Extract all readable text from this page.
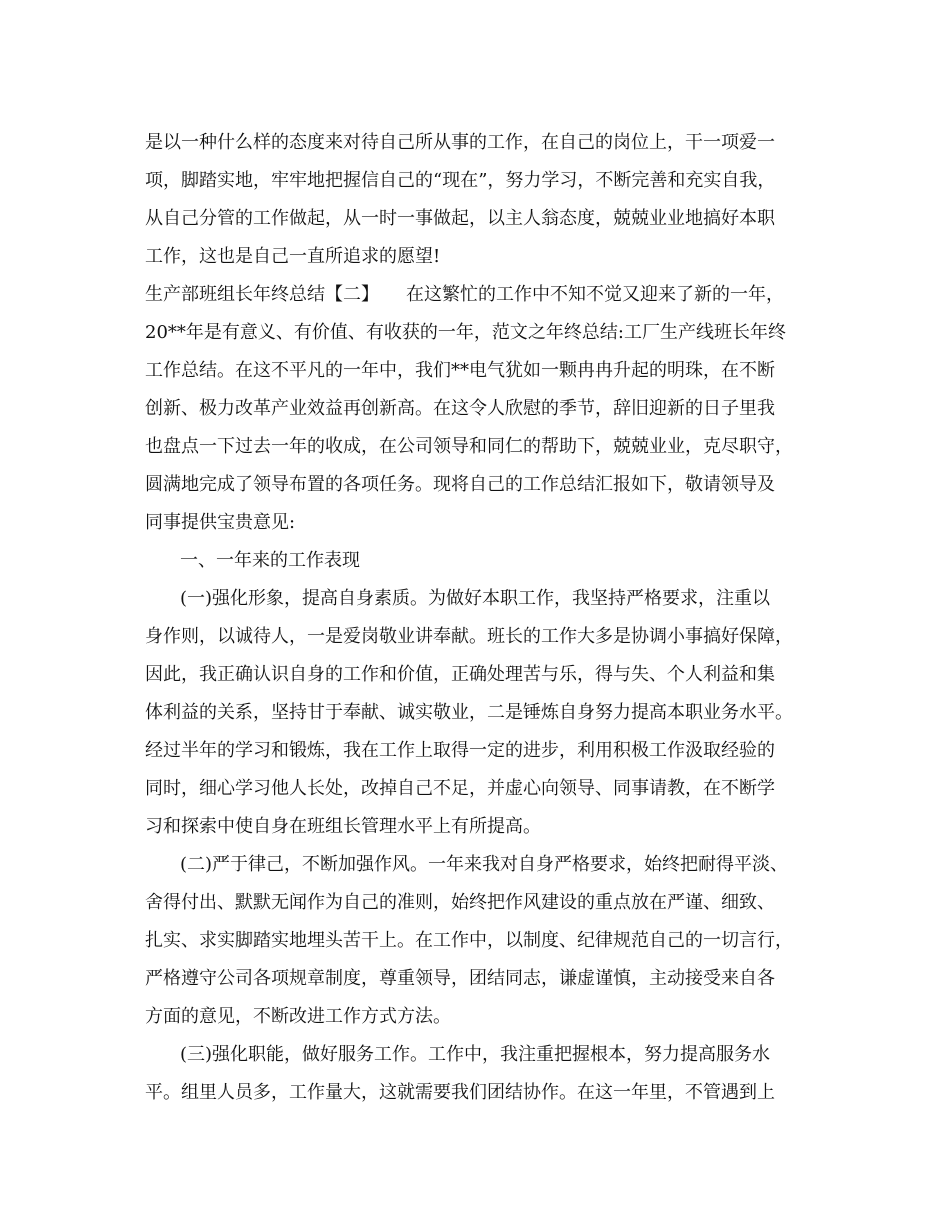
是以一种什么样的态度来对待自己所从事的工作，在自己的岗位上，干一项爱一
项，脚踏实地，牢牢地把握信自己的“现在”，努力学习，不断完善和充实自我，
从自己分管的工作做起，从一时一事做起，以主人翁态度，兢兢业业地搞好本职
工作，这也是自己一直所追求的愿望!
生产部班组长年终总结【二】　　在这繁忙的工作中不知不觉又迎来了新的一年，
20**年是有意义、有价值、有收获的一年，范文之年终总结:工厂生产线班长年终
工作总结。在这不平凡的一年中，我们**电气犹如一颗冉冉升起的明珠，在不断
创新、极力改革产业效益再创新高。在这令人欣慰的季节，辞旧迎新的日子里我
也盘点一下过去一年的收成，在公司领导和同仁的帮助下，兢兢业业，克尽职守，
圆满地完成了领导布置的各项任务。现将自己的工作总结汇报如下，敬请领导及
同事提供宝贵意见:
一、一年来的工作表现
(一)强化形象，提高自身素质。为做好本职工作，我坚持严格要求，注重以
身作则，以诚待人，一是爱岗敬业讲奉献。班长的工作大多是协调小事搞好保障，
因此，我正确认识自身的工作和价值，正确处理苦与乐，得与失、个人利益和集
体利益的关系，坚持甘于奉献、诚实敬业，二是锤炼自身努力提高本职业务水平。
经过半年的学习和锻炼，我在工作上取得一定的进步，利用积极工作汲取经验的
同时，细心学习他人长处，改掉自己不足，并虚心向领导、同事请教，在不断学
习和探索中使自身在班组长管理水平上有所提高。
(二)严于律己，不断加强作风。一年来我对自身严格要求，始终把耐得平淡、
舍得付出、默默无闻作为自己的准则，始终把作风建设的重点放在严谨、细致、
扎实、求实脚踏实地埋头苦干上。在工作中，以制度、纪律规范自己的一切言行，
严格遵守公司各项规章制度，尊重领导，团结同志，谦虚谨慎，主动接受来自各
方面的意见，不断改进工作方式方法。
(三)强化职能，做好服务工作。工作中，我注重把握根本，努力提高服务水
平。组里人员多，工作量大，这就需要我们团结协作。在这一年里，不管遇到上
